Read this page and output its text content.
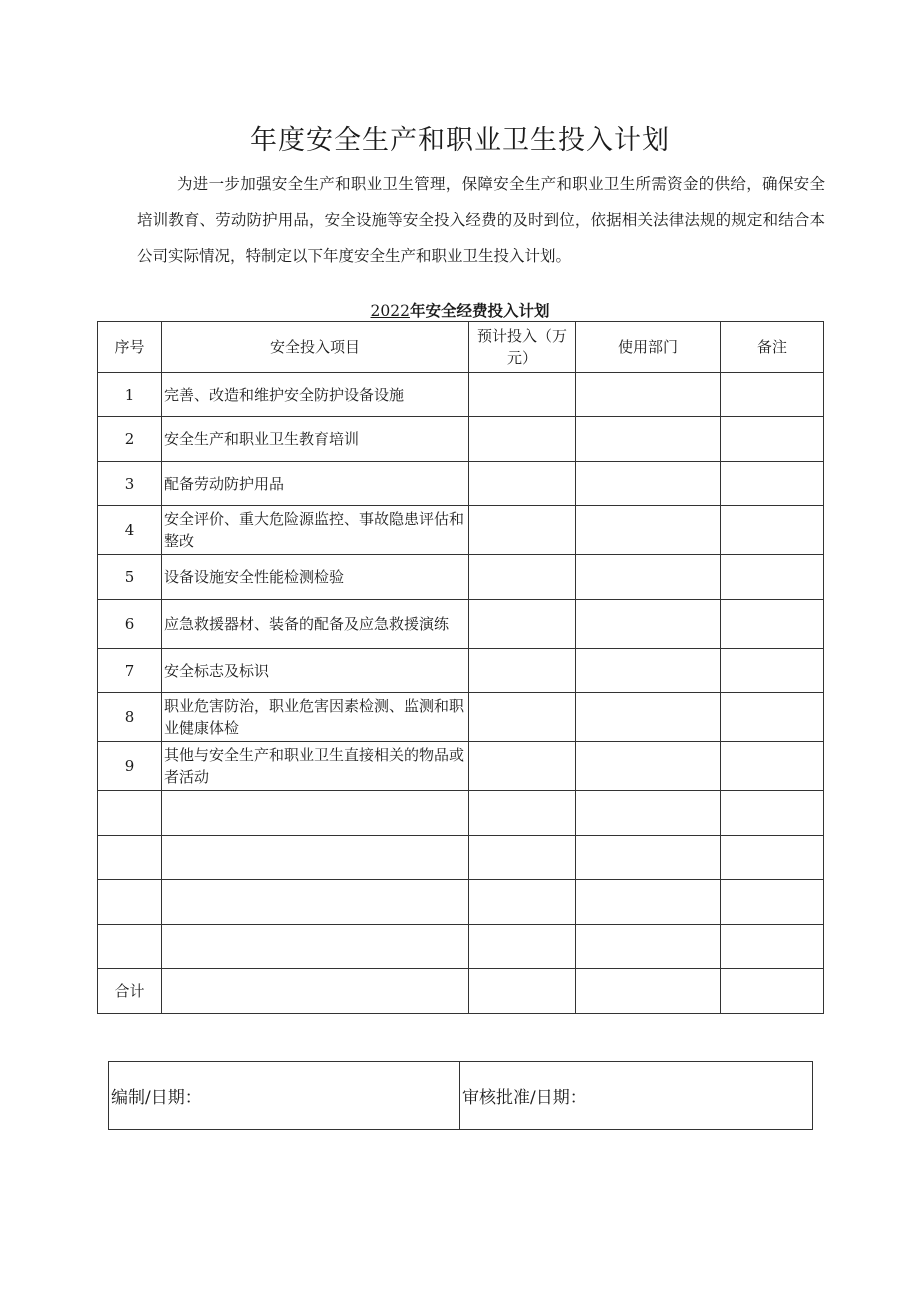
年度安全生产和职业卫生投入计划
为进一步加强安全生产和职业卫生管理，保障安全生产和职业卫生所需资金的供给，确保安全培训教育、劳动防护用品，安全设施等安全投入经费的及时到位，依据相关法律法规的规定和结合本公司实际情况，特制定以下年度安全生产和职业卫生投入计划。
2022年安全经费投入计划
序号	安全投入项目	预计投入（万元）	使用部门	备注
1	完善、改造和维护安全防护设备设施			
2	安全生产和职业卫生教育培训			
3	配备劳动防护用品			
4	安全评价、重大危险源监控、事故隐患评估和整改			
5	设备设施安全性能检测检验			
6	应急救援器材、装备的配备及应急救援演练			
7	安全标志及标识			
8	职业危害防治，职业危害因素检测、监测和职业健康体检			
9	其他与安全生产和职业卫生直接相关的物品或者活动			

合计				
编制/日期：	审核批准/日期：
